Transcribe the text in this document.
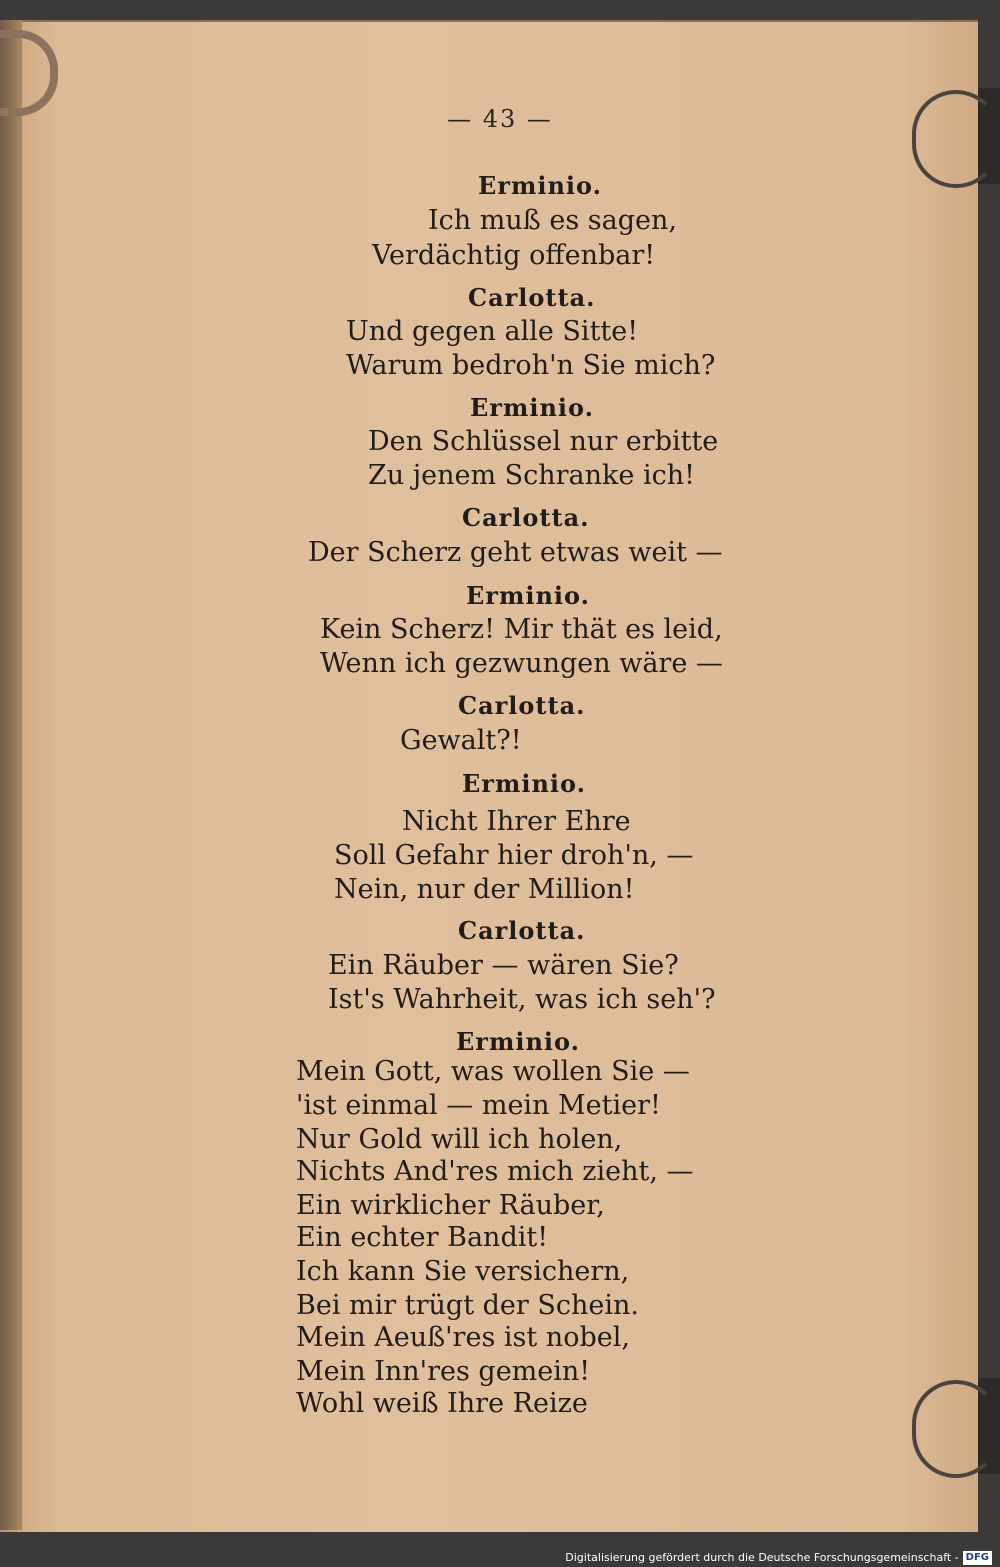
— 43 —
Erminio.
Ich muß es sagen,
Verdächtig offenbar!
Carlotta.
Und gegen alle Sitte!
Warum bedroh'n Sie mich?
Erminio.
Den Schlüssel nur erbitte
Zu jenem Schranke ich!
Carlotta.
Der Scherz geht etwas weit —
Erminio.
Kein Scherz! Mir thät es leid,
Wenn ich gezwungen wäre —
Carlotta.
Gewalt?!
Erminio.
Nicht Ihrer Ehre
Soll Gefahr hier droh'n, —
Nein, nur der Million!
Carlotta.
Ein Räuber — wären Sie?
Ist's Wahrheit, was ich seh'?
Erminio.
Mein Gott, was wollen Sie —
'ist einmal — mein Metier!
Nur Gold will ich holen,
Nichts And'res mich zieht, —
Ein wirklicher Räuber,
Ein echter Bandit!
Ich kann Sie versichern,
Bei mir trügt der Schein.
Mein Aeuß'res ist nobel,
Mein Inn'res gemein!
Wohl weiß Ihre Reize
Digitalisierung gefördert durch die Deutsche Forschungsgemeinschaft - DFG
